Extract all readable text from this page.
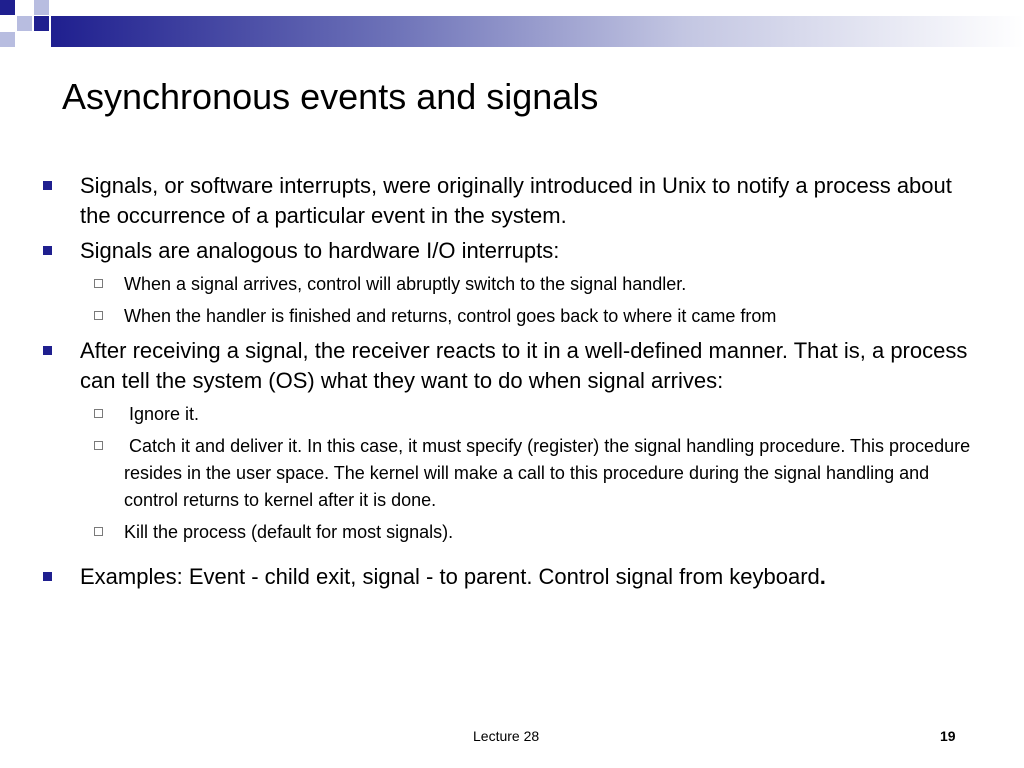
Asynchronous events and signals
Signals, or software interrupts, were originally introduced in Unix to notify a process about the occurrence of a particular event in the system.
Signals are analogous to hardware I/O interrupts:
When a signal arrives, control will abruptly switch to the signal handler.
When the handler is finished and returns, control goes back to where it came from
After receiving a signal, the receiver reacts to it in a well-defined manner. That is, a process can tell the system (OS) what they want to do when signal arrives:
Ignore it.
Catch it and deliver it. In this case, it must specify (register) the signal handling procedure. This procedure resides in the user space. The kernel will make a call to this procedure during the signal handling and control returns to kernel after it is done.
Kill the process (default for most signals).
Examples: Event - child exit, signal - to parent. Control signal from keyboard.
Lecture 28	19
